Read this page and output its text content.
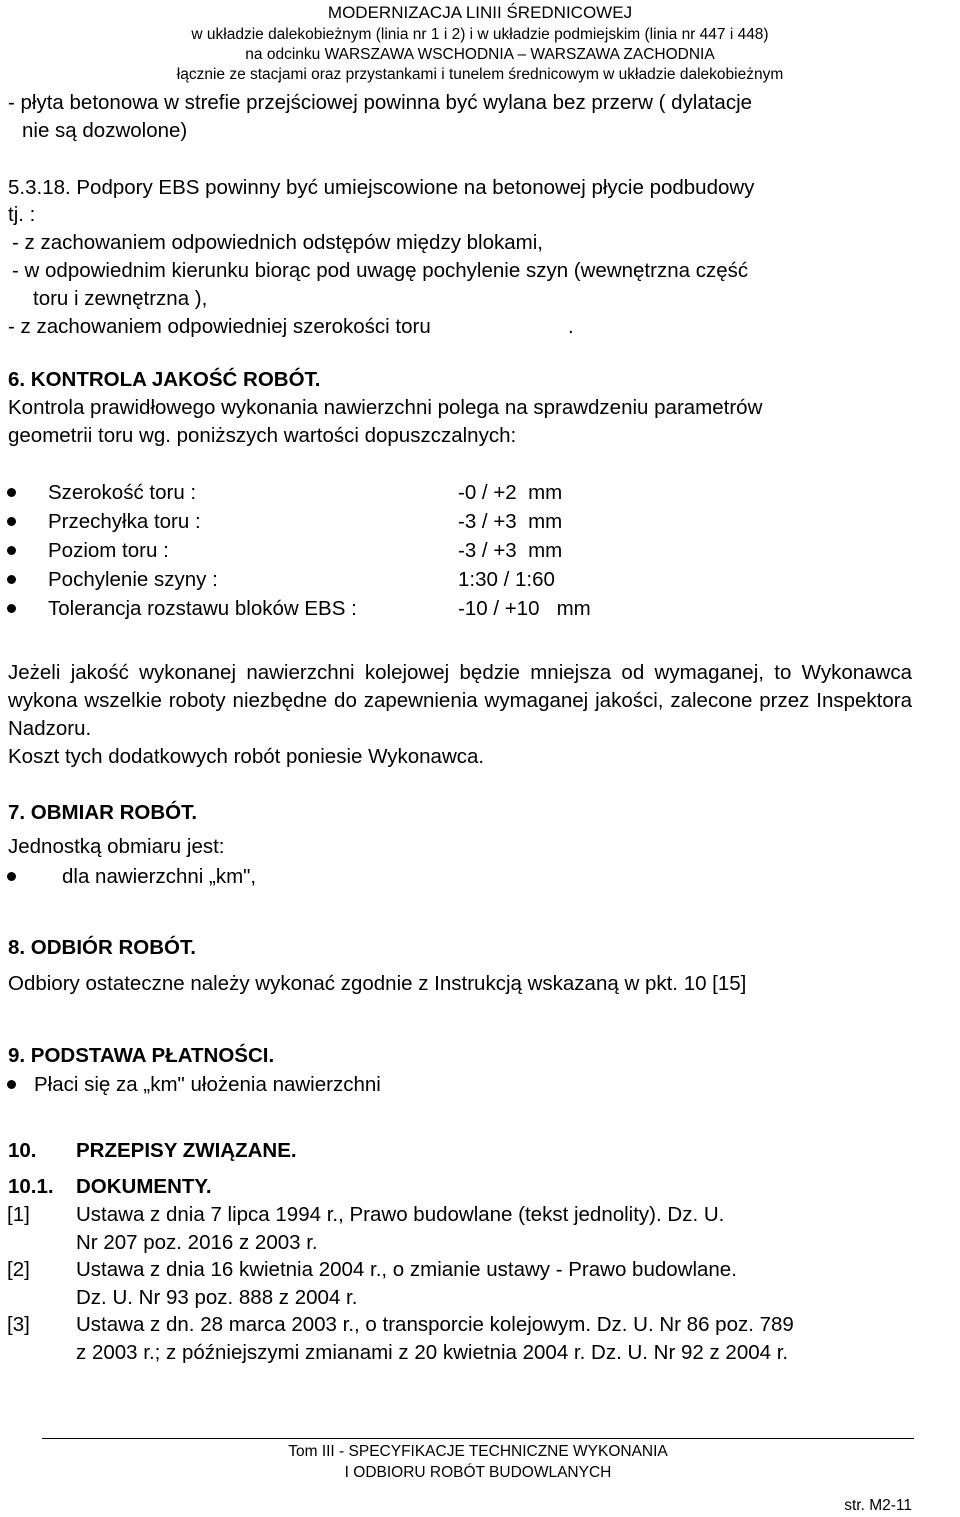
MODERNIZACJA LINII ŚREDNICOWEJ
w układzie dalekobieżnym (linia nr 1 i 2) i w układzie podmiejskim (linia nr 447 i 448)
na odcinku WARSZAWA WSCHODNIA – WARSZAWA ZACHODNIA
łącznie ze stacjami oraz przystankami i tunelem średnicowym w układzie dalekobieżnym
- płyta betonowa w strefie przejściowej powinna być wylana bez przerw ( dylatacje
nie są dozwolone)
5.3.18. Podpory EBS powinny być umiejscowione na betonowej płycie podbudowy
tj. :
- z zachowaniem odpowiednich odstępów między blokami,
- w odpowiednim kierunku biorąc pod uwagę pochylenie szyn (wewnętrzna część
toru i zewnętrzna ),
- z zachowaniem odpowiedniej szerokości toru	.
6. KONTROLA JAKOŚĆ ROBÓT.
Kontrola prawidłowego wykonania nawierzchni polega na sprawdzeniu parametrów
geometrii toru wg. poniższych wartości dopuszczalnych:
Szerokość toru :	-0 / +2  mm
Przechyłka toru :	-3 / +3  mm
Poziom toru :	-3 / +3  mm
Pochylenie szyny :	1:30 / 1:60
Tolerancja rozstawu bloków EBS :	-10 / +10   mm
Jeżeli jakość wykonanej nawierzchni kolejowej będzie mniejsza od wymaganej, to Wykonawca wykona wszelkie roboty niezbędne do zapewnienia wymaganej jakości, zalecone przez Inspektora Nadzoru.
Koszt tych dodatkowych robót poniesie Wykonawca.
7. OBMIAR ROBÓT.
Jednostką obmiaru jest:
dla nawierzchni „km",
8. ODBIÓR ROBÓT.
Odbiory ostateczne należy wykonać zgodnie z Instrukcją wskazaną w pkt. 10 [15]
9. PODSTAWA PŁATNOŚCI.
Płaci się za „km" ułożenia nawierzchni
10. PRZEPISY ZWIĄZANE.
10.1. DOKUMENTY.
[1] Ustawa z dnia 7 lipca 1994 r., Prawo budowlane (tekst jednolity). Dz. U.
Nr 207 poz. 2016 z 2003 r.
[2] Ustawa z dnia 16 kwietnia 2004 r., o zmianie ustawy - Prawo budowlane.
Dz. U. Nr 93 poz. 888 z 2004 r.
[3] Ustawa z dn. 28 marca 2003 r., o transporcie kolejowym. Dz. U. Nr 86 poz. 789
z 2003 r.; z późniejszymi zmianami z 20 kwietnia 2004 r. Dz. U. Nr 92 z 2004 r.
Tom III - SPECYFIKACJE TECHNICZNE WYKONANIA
I ODBIORU ROBÓT BUDOWLANYCH
str. M2-11
